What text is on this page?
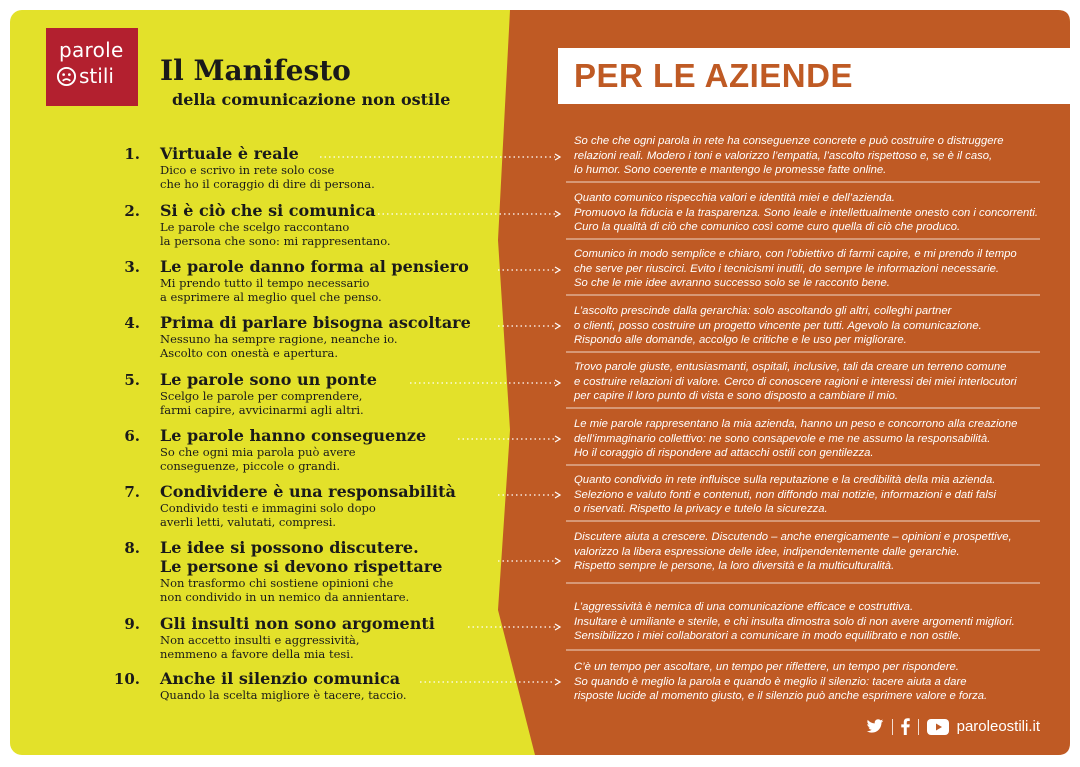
parole
stili Il Manifesto
della comunicazione non ostile
PER LE AZIENDE
1. Virtuale è reale
Dico e scrivo in rete solo cose
che ho il coraggio di dire di persona.
2. Si è ciò che si comunica
Le parole che scelgo raccontano
la persona che sono: mi rappresentano.
3. Le parole danno forma al pensiero
Mi prendo tutto il tempo necessario
a esprimere al meglio quel che penso.
4. Prima di parlare bisogna ascoltare
Nessuno ha sempre ragione, neanche io.
Ascolto con onestà e apertura.
5. Le parole sono un ponte
Scelgo le parole per comprendere,
farmi capire, avvicinarmi agli altri.
6. Le parole hanno conseguenze
So che ogni mia parola può avere
conseguenze, piccole o grandi.
7. Condividere è una responsabilità
Condivido testi e immagini solo dopo
averli letti, valutati, compresi.
8. Le idee si possono discutere.
Le persone si devono rispettare
Non trasformo chi sostiene opinioni che
non condivido in un nemico da annientare.
9. Gli insulti non sono argomenti
Non accetto insulti e aggressività,
nemmeno a favore della mia tesi.
10. Anche il silenzio comunica
Quando la scelta migliore è tacere, taccio.
So che che ogni parola in rete ha conseguenze concrete e può costruire o distruggere
relazioni reali. Modero i toni e valorizzo l’empatia, l’ascolto rispettoso e, se è il caso,
lo humor. Sono coerente e mantengo le promesse fatte online.
Quanto comunico rispecchia valori e identità miei e dell’azienda.
Promuovo la fiducia e la trasparenza. Sono leale e intellettualmente onesto con i concorrenti.
Curo la qualità di ciò che comunico così come curo quella di ciò che produco.
Comunico in modo semplice e chiaro, con l’obiettivo di farmi capire, e mi prendo il tempo
che serve per riuscirci. Evito i tecnicismi inutili, do sempre le informazioni necessarie.
So che le mie idee avranno successo solo se le racconto bene.
L’ascolto prescinde dalla gerarchia: solo ascoltando gli altri, colleghi partner
o clienti, posso costruire un progetto vincente per tutti. Agevolo la comunicazione.
Rispondo alle domande, accolgo le critiche e le uso per migliorare.
Trovo parole giuste, entusiasmanti, ospitali, inclusive, tali da creare un terreno comune
e costruire relazioni di valore. Cerco di conoscere ragioni e interessi dei miei interlocutori
per capire il loro punto di vista e sono disposto a cambiare il mio.
Le mie parole rappresentano la mia azienda, hanno un peso e concorrono alla creazione
dell’immaginario collettivo: ne sono consapevole e me ne assumo la responsabilità.
Ho il coraggio di rispondere ad attacchi ostili con gentilezza.
Quanto condivido in rete influisce sulla reputazione e la credibilità della mia azienda.
Seleziono e valuto fonti e contenuti, non diffondo mai notizie, informazioni e dati falsi
o riservati. Rispetto la privacy e tutelo la sicurezza.
Discutere aiuta a crescere. Discutendo – anche energicamente – opinioni e prospettive,
valorizzo la libera espressione delle idee, indipendentemente dalle gerarchie.
Rispetto sempre le persone, la loro diversità e la multiculturalità.
L’aggressività è nemica di una comunicazione efficace e costruttiva.
Insultare è umiliante e sterile, e chi insulta dimostra solo di non avere argomenti migliori.
Sensibilizzo i miei collaboratori a comunicare in modo equilibrato e non ostile.
C’è un tempo per ascoltare, un tempo per riflettere, un tempo per rispondere.
So quando è meglio la parola e quando è meglio il silenzio: tacere aiuta a dare
risposte lucide al momento giusto, e il silenzio può anche esprimere valore e forza.
paroleostili.it
